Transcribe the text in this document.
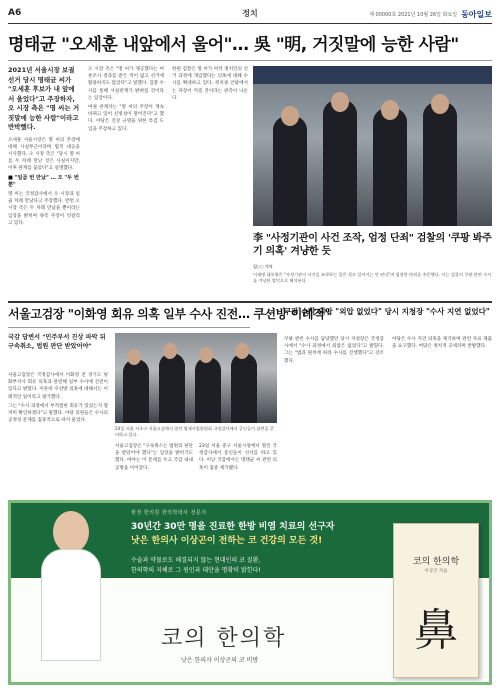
A6	정치	제 00000호 2021년 10월 26일 화요일 동아일보
명태균 "오세훈 내앞에서 울어"… 吳 "明, 거짓말에 능한 사람"
2021년 서울시장 보궐선거 당시 명태균 씨가 "오세훈 후보가 내 앞에서 울었다"고 주장하자, 오 시장 측은 "명 씨는 거짓말에 능한 사람"이라고 반박했다.

오세훈 서울시장은 명 씨의 주장에 대해 사실무근이라며 법적 대응을 시사했다. 오 시장 측은 "당시 명 씨를 두 차례 만난 것은 사실이지만, 이후 관계를 끊었다"고 설명했다.

■ "일곱 번 만났" … 오 "두 번뿐"

명 씨는 국정감사에서 오 시장과 일곱 차례 만났다고 주장했다. 반면 오 시장 측은 두 차례 만났을 뿐이라는 입장을 밝히며 양측 주장이 엇갈리고 있다.

오 시장 측은 "명 씨가 제공했다는 여론조사 결과를 받은 적이 없고 선거에 활용하지도 않았다"고 말했다. 검찰 수사를 통해 사실관계가 밝혀질 것이라는 입장이다.

여권 관계자는 "명 씨의 주장이 계속 바뀌고 있어 신빙성이 떨어진다"고 했다. 야당은 진상 규명을 위한 특검 도입을 주장하고 있다.

한편 검찰은 명 씨가 여러 정치인의 선거 과정에 개입했다는 의혹에 대해 수사를 확대하고 있다. 정치권 안팎에서는 파장이 커질 것이라는 관측이 나온다.

李 "사정기관이 사건 조작, 엄정 단죄" 검찰의 '쿠팡 봐주기 의혹' 겨냥한 듯
김○○ 기자
이재명 대통령은 "사정기관이 사건을 조작하는 일은 결코 있어서는 안 된다"며 엄정한 단죄를 주문했다. 이는 검찰의 쿠팡 관련 수사를 겨냥한 발언으로 해석된다.
서울고검장 "이화영 회유 의혹 일부 수사 진전… 쿠션방 이례적"
국감 답변서 "민주부서 진상 파악 뒤 구속취소, 법원 판단 받았어야"

서울고검장은 국정감사에서 이화영 전 경기도 평화부지사 회유 의혹과 관련해 일부 수사에 진전이 있다고 밝혔다. 이른바 쿠션방 의혹에 대해서는 이례적인 일이라고 평가했다.

그는 "수사 과정에서 부적절한 회유가 있었는지 철저히 확인하겠다"고 말했다. 야당 의원들은 수사의 공정성 문제를 집중적으로 따져 물었다.

24일 서울 서초구 서울고검에서 열린 법제사법위원회 국정감사에서 증인들이 답변을 준비하고 있다.

서울고검장은 "구속취소는 법원의 판단을 받았어야 했다"는 입장을 밝히기도 했다. 여야는 이 문제를 두고 국감 내내 공방을 이어갔다.

23일 서울 중구 서울시청에서 열린 국정감사에서 증인들이 선서를 하고 있다. 이날 국감에서는 명태균 씨 관련 의혹이 집중 제기됐다.

쿠팡 수사 외압 "외압 없었다" 당시 지청장 "수사 지연 없었다"

쿠팡 관련 수사를 담당했던 당시 지청장은 국정감사에서 "수사 과정에서 외압은 없었다"고 밝혔다. 그는 "법과 원칙에 따라 수사를 진행했다"고 강조했다.

야당은 수사 지연 의혹을 제기하며 관련 자료 제출을 요구했다. 여당은 정치적 공세라며 반발했다.

현정 한의원 한의학박사 전문의
30년간 30만 명을 진료한 한방 비염 치료의 선구자
낫은 한의사 이상곤이 전하는 코 건강의 모든 것!
수술과 약물로도 해결되지 않는 현대인의 코 질환,
한의학의 지혜로 그 원인과 대안을 명확히 밝힌다!
코의 한의학
낫은 한의사 이상곤의 코 비방
코의 한의학
이상곤 지음
鼻
